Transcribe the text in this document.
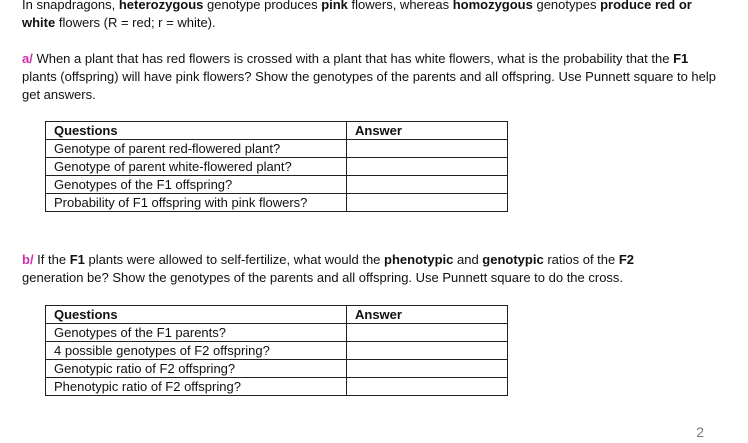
In snapdragons, heterozygous genotype produces pink flowers, whereas homozygous genotypes produce red or
white flowers (R = red; r = white).

a/ When a plant that has red flowers is crossed with a plant that has white flowers, what is the probability that the F1 plants (offspring) will have pink flowers? Show the genotypes of the parents and all offspring. Use Punnett square to help get answers.

Questions	Answer
Genotype of parent red-flowered plant?	
Genotype of parent white-flowered plant?	
Genotypes of the F1 offspring?	
Probability of F1 offspring with pink flowers?	

b/ If the F1 plants were allowed to self-fertilize, what would the phenotypic and genotypic ratios of the F2
generation be? Show the genotypes of the parents and all offspring. Use Punnett square to do the cross.

Questions	Answer
Genotypes of the F1 parents?	
4 possible genotypes of F2 offspring?	
Genotypic ratio of F2 offspring?	
Phenotypic ratio of F2 offspring?	
2
